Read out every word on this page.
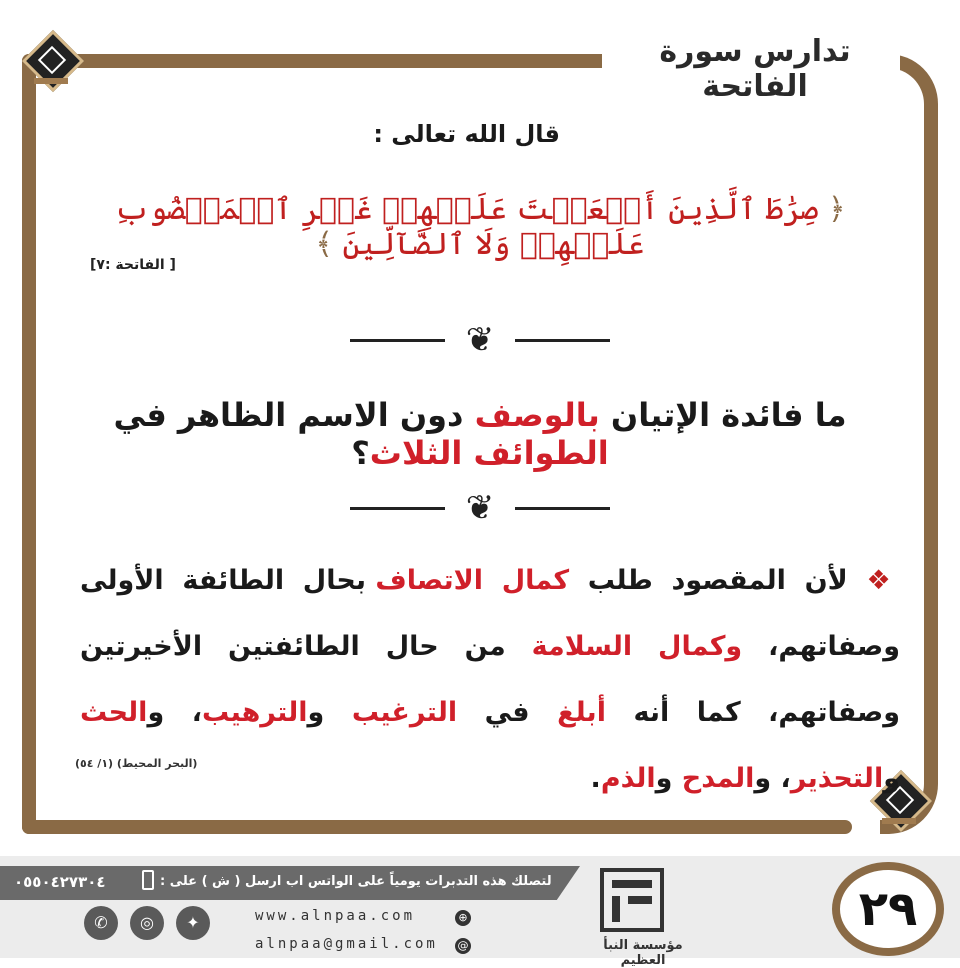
تدارس سورة الفاتحة
قال الله تعالى :
﴿ صِرَٰطَ ٱلَّذِينَ أَنۡعَمۡتَ عَلَيۡهِمۡ غَيۡرِ ٱلۡمَغۡضُوبِ عَلَيۡهِمۡ وَلَا ٱلضَّآلِّينَ ﴾
[ الفاتحة :٧]
❦
ما فائدة الإتيان بالوصف دون الاسم الظاهر في الطوائف الثلاث؟
❦
❖ لأن المقصود طلب كمال الاتصاف بحال الطائفة الأولى وصفاتهم، وكمال السلامة من حال الطائفتين الأخيرتين وصفاتهم، كما أنه أبلغ في الترغيب والترهيب، والحث والتحذير، والمدح والذم.
(البحر المحيط) (١/ ٥٤)
لتصلك هذه التدبرات يومياً على الواتس اب ارسل ( ش ) على :
٠٥٥٠٤٢٧٣٠٤
✆	◎	✦	www.alnpaa.com	⊕
alnpaa@gmail.com @	مؤسسة النبأ العظيم
٢٩
